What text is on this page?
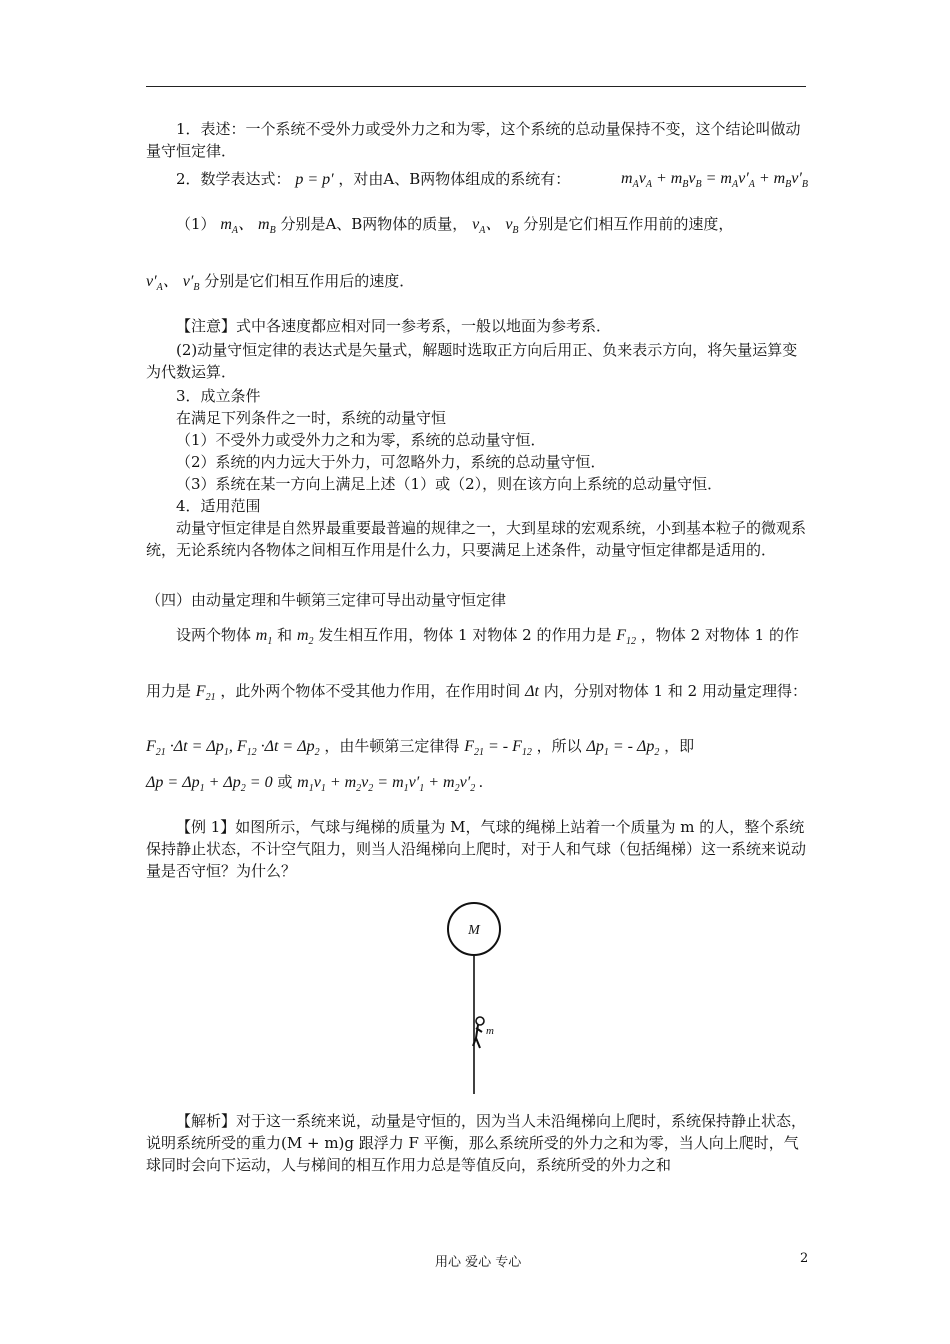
1．表述：一个系统不受外力或受外力之和为零，这个系统的总动量保持不变，这个结论叫做动量守恒定律．

2．数学表达式： p = p′ ，对由A、B两物体组成的系统有：	$m_Av_A + m_Bv_B = m_Av'_A + m_Bv'_B$

（1） $m_A$、 $m_B$ 分别是A、B两物体的质量， $v_A$、 $v_B$ 分别是它们相互作用前的速度，

$v'_A$、 $v'_B$ 分别是它们相互作用后的速度．

【注意】式中各速度都应相对同一参考系，一般以地面为参考系．

(2)动量守恒定律的表达式是矢量式，解题时选取正方向后用正、负来表示方向，将矢量运算变为代数运算．

3．成立条件

在满足下列条件之一时，系统的动量守恒

（1）不受外力或受外力之和为零，系统的总动量守恒．

（2）系统的内力远大于外力，可忽略外力，系统的总动量守恒．

（3）系统在某一方向上满足上述（1）或（2），则在该方向上系统的总动量守恒．

4．适用范围

动量守恒定律是自然界最重要最普遍的规律之一，大到星球的宏观系统，小到基本粒子的微观系统，无论系统内各物体之间相互作用是什么力，只要满足上述条件，动量守恒定律都是适用的．

（四）由动量定理和牛顿第三定律可导出动量守恒定律

设两个物体 $m_1$ 和 $m_2$ 发生相互作用，物体 1 对物体 2 的作用力是 $F_{12}$ ，物体 2 对物体 1 的作用力是 $F_{21}$ ，此外两个物体不受其他力作用，在作用时间 Δt 内，分别对物体 1 和 2 用动量定理得： $F_{21} \cdot\Delta t = \Delta p_1$, $F_{12} \cdot\Delta t = \Delta p_2$ ，由牛顿第三定律得 $F_{21}$ = - $F_{12}$ ，所以 $\Delta p_1$ = - $\Delta p_2$ ，即

$\Delta p = \Delta p_1 + \Delta p_2 = 0$ 或 $m_1v_1 + m_2v_2 = m_1v'_1 + m_2v'_2$ .

【例 1】如图所示，气球与绳梯的质量为 M，气球的绳梯上站着一个质量为 m 的人，整个系统保持静止状态，不计空气阻力，则当人沿绳梯向上爬时，对于人和气球（包括绳梯）这一系统来说动量是否守恒？为什么？

M
m

【解析】对于这一系统来说，动量是守恒的，因为当人未沿绳梯向上爬时，系统保持静止状态，说明系统所受的重力(M + m)g 跟浮力 F 平衡，那么系统所受的外力之和为零，当人向上爬时，气球同时会向下运动，人与梯间的相互作用力总是等值反向，系统所受的外力之和

用心 爱心 专心	2
